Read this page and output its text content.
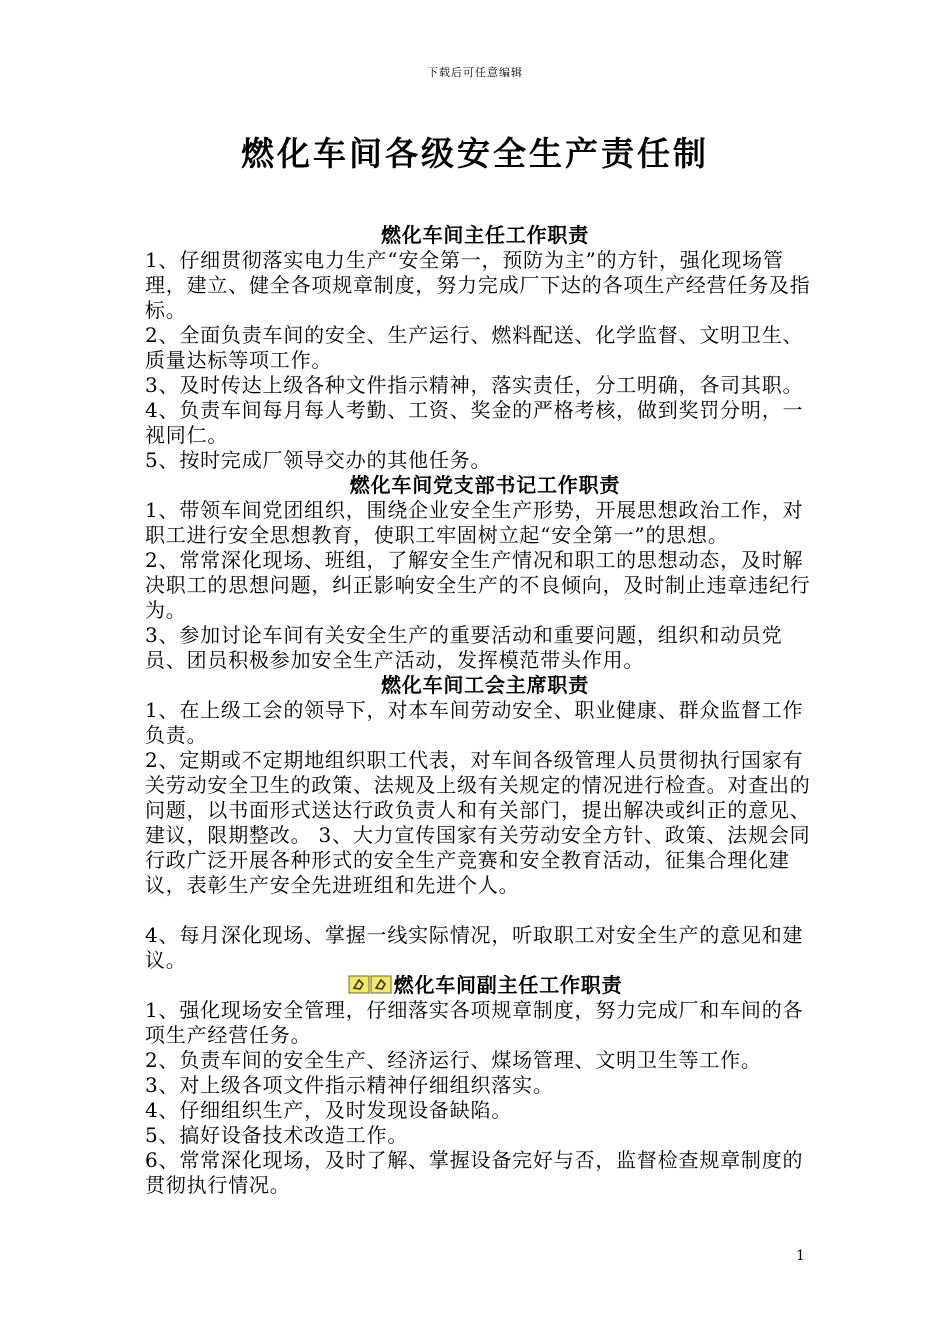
下载后可任意编辑
燃化车间各级安全生产责任制
燃化车间主任工作职责

1、仔细贯彻落实电力生产“安全第一，预防为主”的方针，强化现场管理，建立、健全各项规章制度，努力完成厂下达的各项生产经营任务及指标。

2、全面负责车间的安全、生产运行、燃料配送、化学监督、文明卫生、质量达标等项工作。

3、及时传达上级各种文件指示精神，落实责任，分工明确，各司其职。

4、负责车间每月每人考勤、工资、奖金的严格考核，做到奖罚分明，一视同仁。

5、按时完成厂领导交办的其他任务。

燃化车间党支部书记工作职责

1、带领车间党团组织，围绕企业安全生产形势，开展思想政治工作，对职工进行安全思想教育，使职工牢固树立起“安全第一”的思想。

2、常常深化现场、班组，了解安全生产情况和职工的思想动态，及时解决职工的思想问题，纠正影响安全生产的不良倾向，及时制止违章违纪行为。

3、参加讨论车间有关安全生产的重要活动和重要问题，组织和动员党员、团员积极参加安全生产活动，发挥模范带头作用。

燃化车间工会主席职责

1、在上级工会的领导下，对本车间劳动安全、职业健康、群众监督工作负责。

2、定期或不定期地组织职工代表，对车间各级管理人员贯彻执行国家有关劳动安全卫生的政策、法规及上级有关规定的情况进行检查。对查出的问题，以书面形式送达行政负责人和有关部门，提出解决或纠正的意见、建议，限期整改。 3、大力宣传国家有关劳动安全方针、政策、法规会同行政广泛开展各种形式的安全生产竞赛和安全教育活动，征集合理化建议，表彰生产安全先进班组和先进个人。

4、每月深化现场、掌握一线实际情况，听取职工对安全生产的意见和建议。

燃化车间副主任工作职责

1、强化现场安全管理，仔细落实各项规章制度，努力完成厂和车间的各项生产经营任务。

2、负责车间的安全生产、经济运行、煤场管理、文明卫生等工作。

3、对上级各项文件指示精神仔细组织落实。

4、仔细组织生产，及时发现设备缺陷。

5、搞好设备技术改造工作。

6、常常深化现场，及时了解、掌握设备完好与否，监督检查规章制度的贯彻执行情况。

1
